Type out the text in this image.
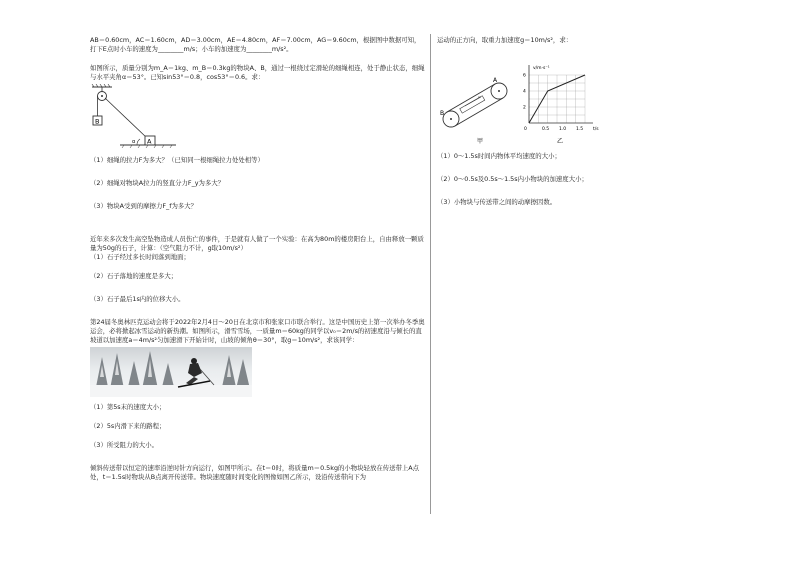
AB＝0.60cm，AC＝1.60cm，AD＝3.00cm，AE＝4.80cm，AF＝7.00cm，AG＝9.60cm，根据图中数据可知，打下E点时小车的速度为________m/s；小车的加速度为________m/s²。

如图所示，质量分别为m_A＝1kg、m_B＝0.3kg的物块A、B，通过一根绕过定滑轮的细绳相连，处于静止状态，细绳与水平夹角α＝53°。已知sin53°＝0.8，cos53°＝0.6。求：

B
A
α

（1）细绳的拉力F为多大？（已知同一根细绳拉力处处相等）

（2）细绳对物块A拉力的竖直分力F_y为多大？

（3）物块A受到的摩擦力F_f为多大？

近年来多次发生高空坠物造成人员伤亡的事件，于是就有人做了一个实验：在高为80m的楼房阳台上，自由释放一颗质量为50g的石子，计算：（空气阻力不计，g取10m/s²）

（1）石子经过多长时间落到地面；

（2）石子落地的速度是多大；

（3）石子最后1s内的位移大小。

第24届冬奥林匹克运动会将于2022年2月4日～20日在北京市和张家口市联合举行。这是中国历史上第一次举办冬季奥运会，必将掀起冰雪运动的新热潮。如图所示，滑雪雪场，一质量m＝60kg的同学以v₀＝2m/s的初速度沿与倾长的直坡道以加速度a＝4m/s²匀加速滑下开始计时，山坡的倾角θ＝30°，取g＝10m/s²，求该同学：

（1）第5s末的速度大小；

（2）5s内滑下来的路程；

（3）所受阻力的大小。

倾斜传送带以恒定的速率沿逆时针方向运行，如图甲所示。在t＝0时，将质量m＝0.5kg的小物块轻放在传送带上A点处，t＝1.5s时物块从B点离开传送带。物块速度随时间变化的图像如图乙所示，设沿传送带向下为

运动的正方向，取重力加速度g＝10m/s²，求：

A
B
甲
v/m·s⁻¹
t/s
6
4
2
0	0.5 1.0 1.5
乙

（1）0～1.5s时间内物体平均速度的大小；

（2）0～0.5s及0.5s～1.5s内小物块的加速度大小；

（3）小物块与传送带之间的动摩擦因数。
